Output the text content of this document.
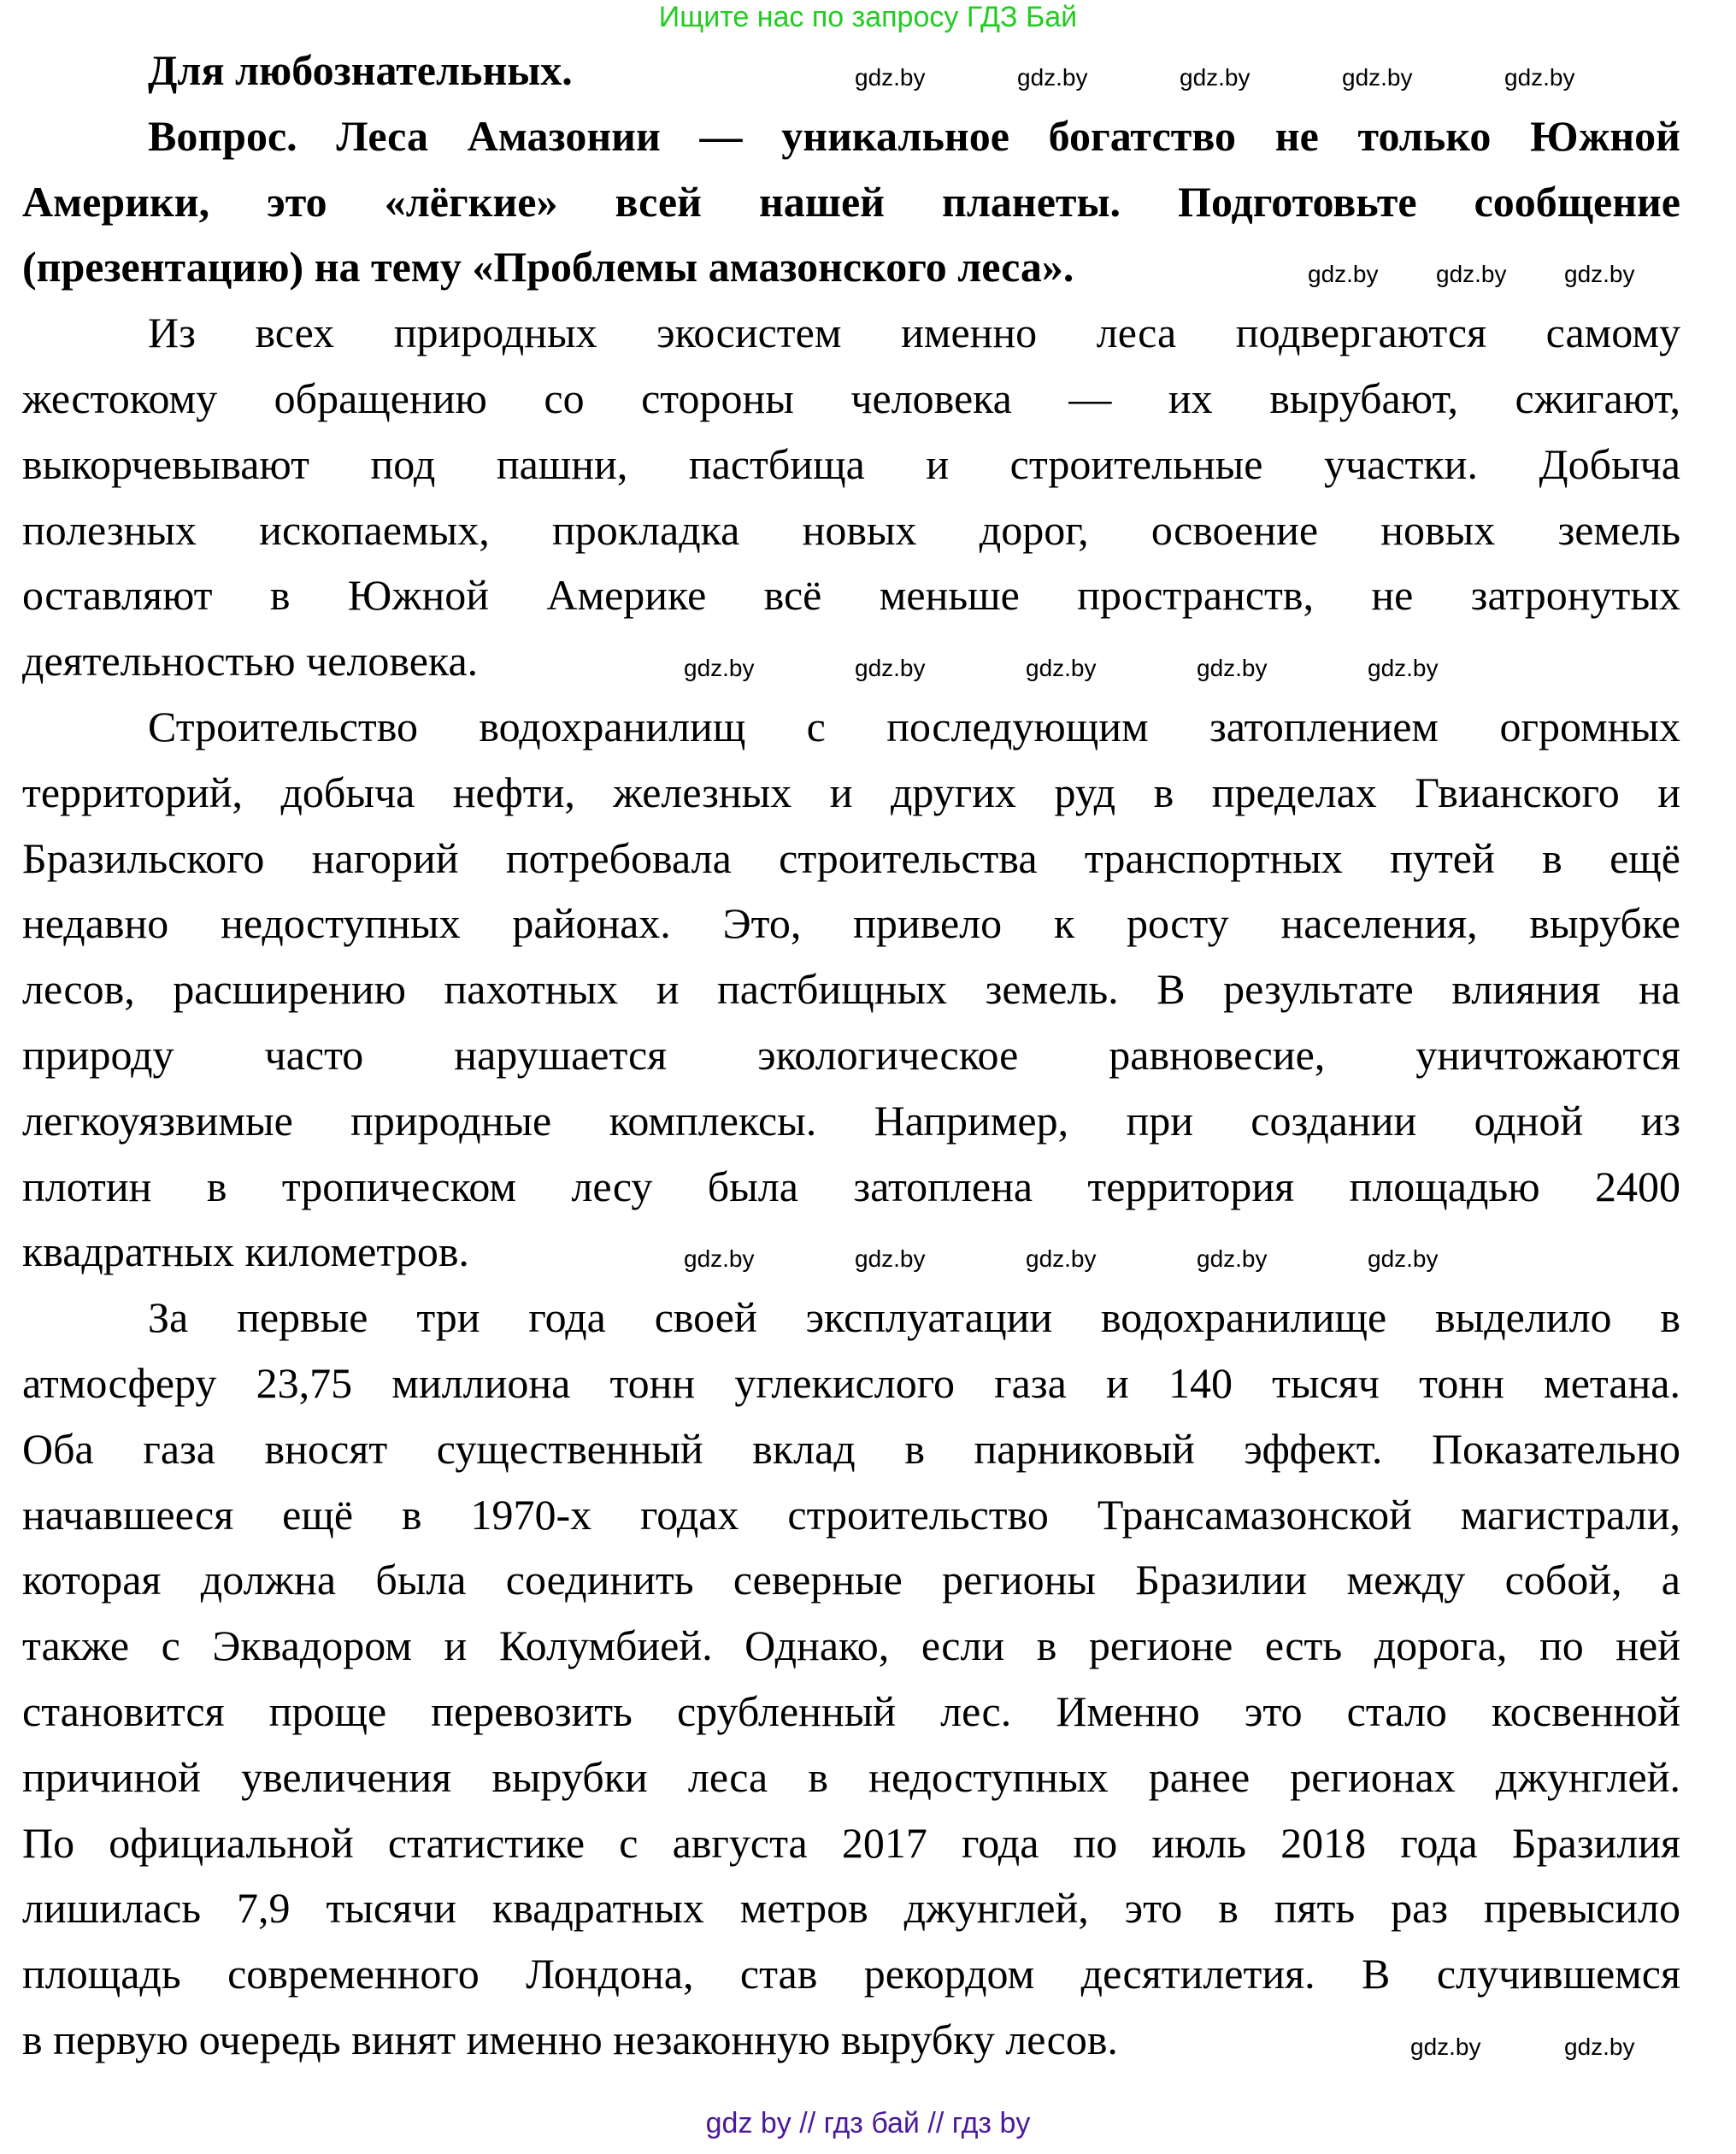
Ищите нас по запросу ГДЗ Бай
Для любознательных.
Вопрос. Леса Амазонии — уникальное богатство не только Южной
Америки, это «лёгкие» всей нашей планеты. Подготовьте сообщение
(презентацию) на тему «Проблемы амазонского леса».
Из всех природных экосистем именно леса подвергаются самому
жестокому обращению со стороны человека — их вырубают, сжигают,
выкорчевывают под пашни, пастбища и строительные участки. Добыча
полезных ископаемых, прокладка новых дорог, освоение новых земель
оставляют в Южной Америке всё меньше пространств, не затронутых
деятельностью человека.
Строительство водохранилищ с последующим затоплением огромных
территорий, добыча нефти, железных и других руд в пределах Гвианского и
Бразильского нагорий потребовала строительства транспортных путей в ещё
недавно недоступных районах. Это, привело к росту населения, вырубке
лесов, расширению пахотных и пастбищных земель. В результате влияния на
природу часто нарушается экологическое равновесие, уничтожаются
легкоуязвимые природные комплексы. Например, при создании одной из
плотин в тропическом лесу была затоплена территория площадью 2400
квадратных километров.
За первые три года своей эксплуатации водохранилище выделило в
атмосферу 23,75 миллиона тонн углекислого газа и 140 тысяч тонн метана.
Оба газа вносят существенный вклад в парниковый эффект. Показательно
начавшееся ещё в 1970-х годах строительство Трансамазонской магистрали,
которая должна была соединить северные регионы Бразилии между собой, а
также с Эквадором и Колумбией. Однако, если в регионе есть дорога, по ней
становится проще перевозить срубленный лес. Именно это стало косвенной
причиной увеличения вырубки леса в недоступных ранее регионах джунглей.
По официальной статистике с августа 2017 года по июль 2018 года Бразилия
лишилась 7,9 тысячи квадратных метров джунглей, это в пять раз превысило
площадь современного Лондона, став рекордом десятилетия. В случившемся
в первую очередь винят именно незаконную вырубку лесов.
gdz.by	gdz.by	gdz.by	gdz.by	gdz.by
gdz.by gdz.by gdz.by
gdz.by	gdz.by	gdz.by	gdz.by	gdz.by
gdz.by	gdz.by	gdz.by	gdz.by	gdz.by
gdz.by	gdz.by
gdz by // гдз бай // гдз by
